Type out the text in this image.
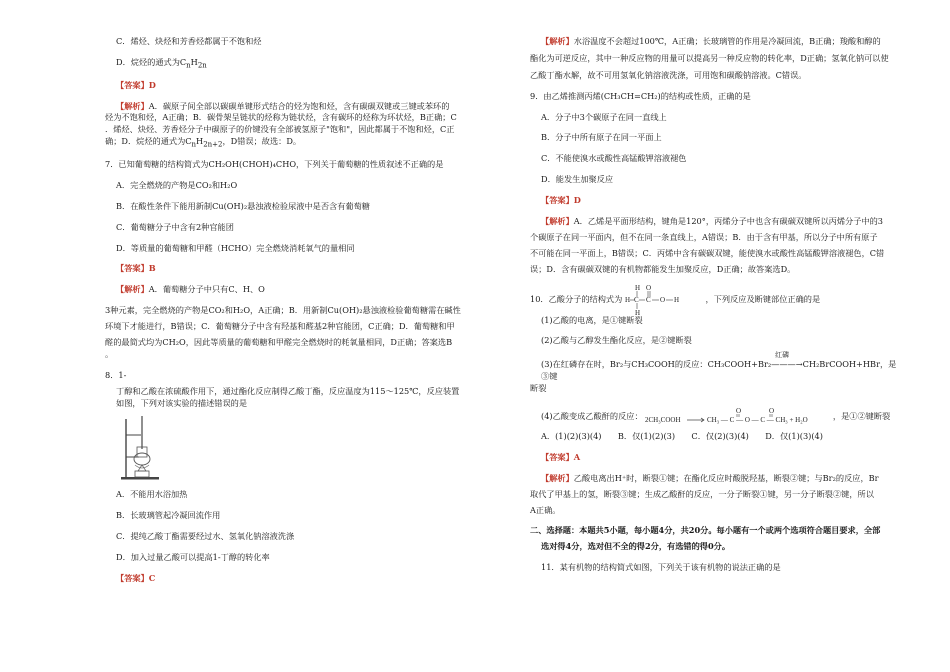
C．烯烃、炔烃和芳香烃都属于不饱和烃
D．烷烃的通式为$C_nH_{2n}$
【答案】D
【解析】A．碳原子间全部以碳碳单键形式结合的烃为饱和烃，含有碳碳双键或三键或苯环的
烃为不饱和烃，A正确；B．碳骨架呈链状的烃称为链状烃，含有碳环的烃称为环状烃，B正确；C
．烯烃、炔烃、芳香烃分子中碳原子的价键没有全部被氢原子"饱和"，因此都属于不饱和烃，C正
确；D．烷烃的通式为$C_nH_{2n+2}$，D错误；故选：D。
7．已知葡萄糖的结构简式为CH₂OH(CHOH)₄CHO，下列关于葡萄糖的性质叙述不正确的是
A．完全燃烧的产物是CO₂和H₂O
B．在酸性条件下能用新制Cu(OH)₂悬浊液检验尿液中是否含有葡萄糖
C．葡萄糖分子中含有2种官能团
D．等质量的葡萄糖和甲醛（HCHO）完全燃烧消耗氧气的量相同
【答案】B
【解析】A．葡萄糖分子中只有C、H、O
3种元素，完全燃烧的产物是CO₂和H₂O，A正确；B．用新制Cu(OH)₂悬浊液检验葡萄糖需在碱性
环境下才能进行，B错误；C．葡萄糖分子中含有羟基和醛基2种官能团，C正确；D．葡萄糖和甲
醛的最简式均为CH₂O，因此等质量的葡萄糖和甲醛完全燃烧时的耗氧量相同，D正确；答案选B
。
8．1-
丁醇和乙酸在浓硫酸作用下，通过酯化反应制得乙酸丁酯，反应温度为115～125℃，反应装置
如图，下列对该实验的描述错误的是
A．不能用水浴加热
B．长玻璃管起冷凝回流作用
C．提纯乙酸丁酯需要经过水、氢氧化钠溶液洗涤
D．加入过量乙酸可以提高1-丁醇的转化率
【答案】C
【解析】水浴温度不会超过100℃，A正确；长玻璃管的作用是冷凝回流，B正确；羧酸和醇的
酯化为可逆反应，其中一种反应物的用量可以提高另一种反应物的转化率，D正确；氢氧化钠可以使
乙酸丁酯水解，故不可用氢氧化钠溶液洗涤，可用饱和碳酸钠溶液。C错误。
9．由乙烯推测丙烯(CH₃CH=CH₂)的结构或性质，正确的是
A．分子中3个碳原子在同一直线上
B．分子中所有原子在同一平面上
C．不能使溴水或酸性高锰酸钾溶液褪色
D．能发生加聚反应
【答案】D
【解析】A．乙烯是平面形结构，键角是120°，丙烯分子中也含有碳碳双键所以丙烯分子中的3
个碳原子在同一平面内，但不在同一条直线上，A错误；B．由于含有甲基，所以分子中所有原子
不可能在同一平面上，B错误；C．丙烯中含有碳碳双键，能使溴水或酸性高锰酸钾溶液褪色，C错
误；D．含有碳碳双键的有机物都能发生加聚反应，D正确；故答案选D。
10．乙酸分子的结构式为
H
H C C
O
O H
H
，下列反应及断键部位正确的是
(1)乙酸的电离，是①键断裂
(2)乙酸与乙醇发生酯化反应，是②键断裂
(3)在红磷存在时，Br₂与CH₃COOH的反应：CH₃COOH+Br₂
红磷
———→CH₂BrCOOH+HBr，是③键
断裂
(4)乙酸变成乙酸酐的反应： 2CH₃COOH	CH₃ — C — O — C — CH₃ + H₂O
O	O	，是①②键断裂
A．(1)(2)(3)(4)　　B．仅(1)(2)(3)　　C．仅(2)(3)(4)　　D．仅(1)(3)(4)
【答案】A
【解析】乙酸电离出H⁺时，断裂①键；在酯化反应时酸脱羟基，断裂②键；与Br₂的反应，Br
取代了甲基上的氢，断裂③键；生成乙酸酐的反应，一分子断裂①键，另一分子断裂②键，所以
A正确。
二、选择题：本题共5小题，每小题4分，共20分。每小题有一个或两个选项符合题目要求，全部
选对得4分，选对但不全的得2分，有选错的得0分。
11．某有机物的结构简式如图，下列关于该有机物的说法正确的是
